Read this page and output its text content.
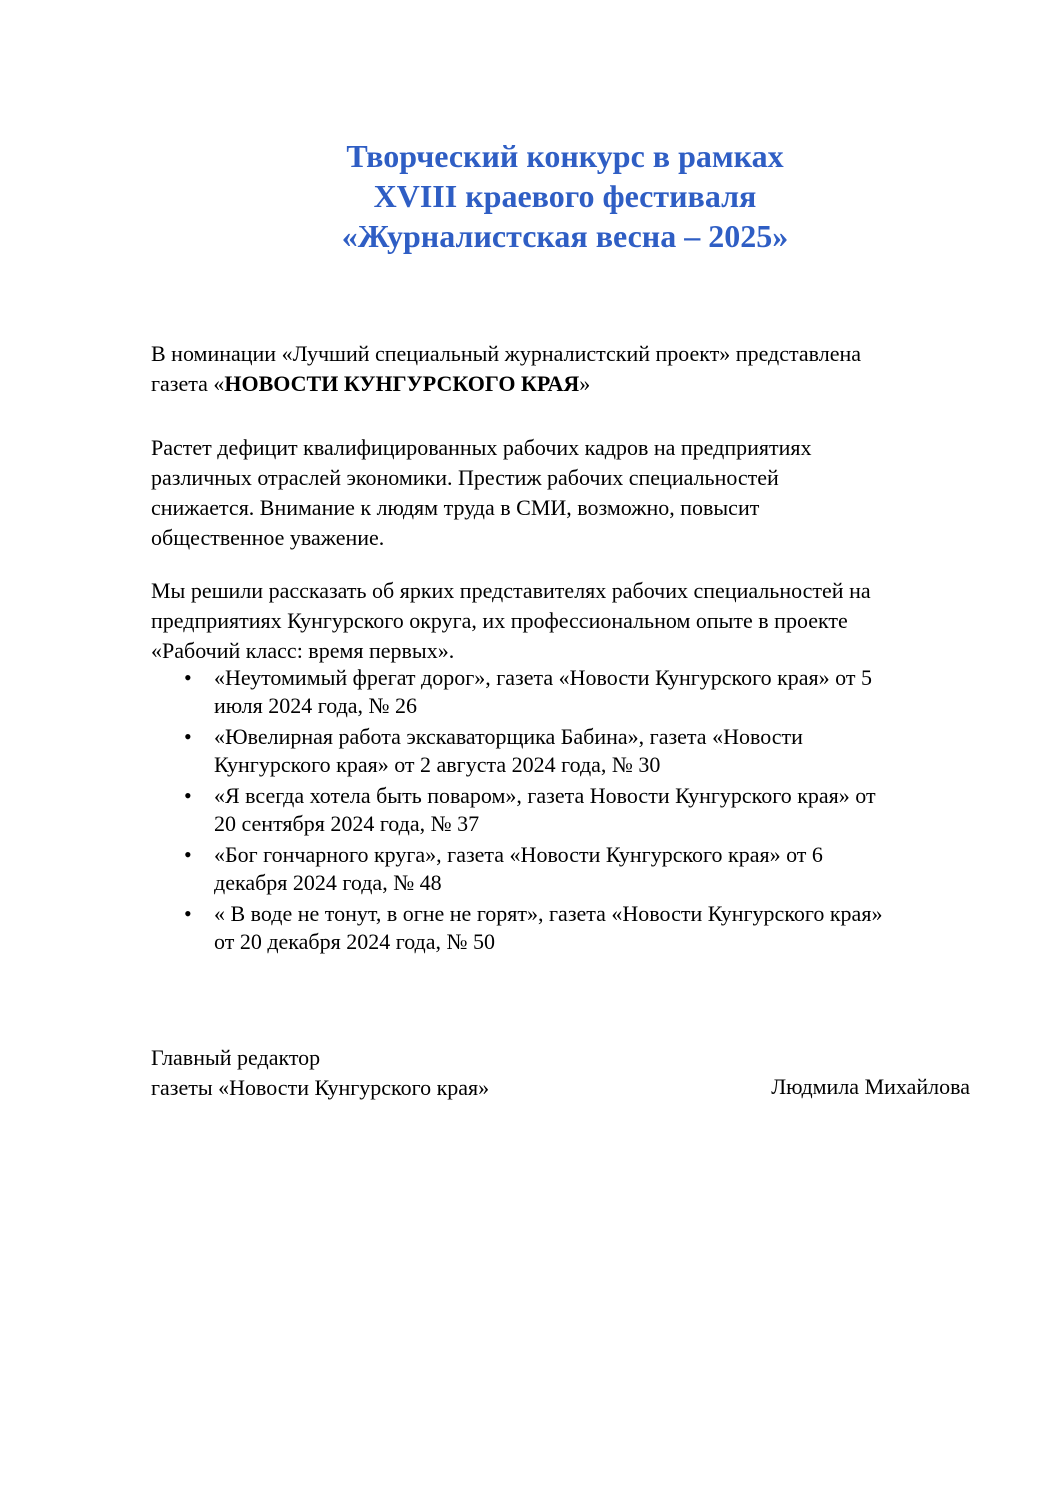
Творческий конкурс в рамках
XVIII краевого фестиваля
«Журналистская весна – 2025»
В номинации «Лучший специальный журналистский проект» представлена
газета «НОВОСТИ КУНГУРСКОГО КРАЯ»
Растет дефицит квалифицированных рабочих кадров на предприятиях
различных отраслей экономики. Престиж рабочих специальностей
снижается. Внимание к людям труда в СМИ, возможно, повысит
общественное уважение.
Мы решили рассказать об ярких представителях рабочих специальностей на
предприятиях Кунгурского округа, их профессиональном опыте в проекте
«Рабочий класс: время первых».
• «Неутомимый фрегат дорог», газета «Новости Кунгурского края» от 5
июля 2024 года, № 26
• «Ювелирная работа экскаваторщика Бабина», газета «Новости
Кунгурского края» от 2 августа 2024 года, № 30
• «Я всегда хотела быть поваром», газета Новости Кунгурского края» от
20 сентября 2024 года, № 37
• «Бог гончарного круга», газета «Новости Кунгурского края» от 6
декабря 2024 года, № 48
• « В воде не тонут, в огне не горят», газета «Новости Кунгурского края»
от 20 декабря 2024 года, № 50
Главный редактор
газеты «Новости Кунгурского края»	Людмила Михайлова
